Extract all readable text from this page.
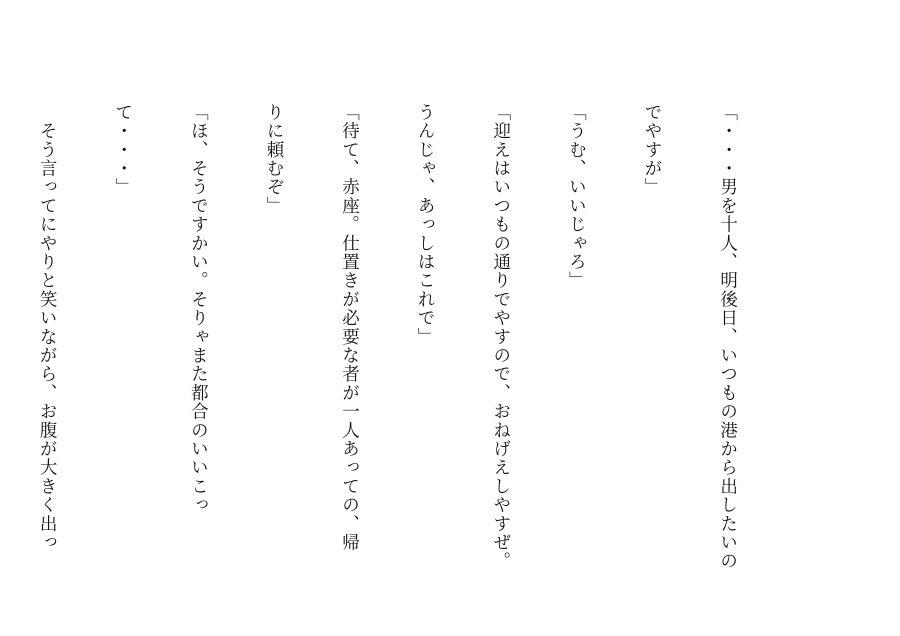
「・・・男を十人、明後日、いつもの港から出したいの

でやすが」

「うむ、いいじゃろ」

「迎えはいつもの通りでやすので、おねげえしやすぜ。

うんじゃ、あっしはこれで」

「待て、赤座。仕置きが必要な者が一人あっての、帰

りに頼むぞ」

「ほ、そうですかい。そりゃまた都合のいいこっ

て・・・」

　そう言ってにやりと笑いながら、お腹が大きく出っ
